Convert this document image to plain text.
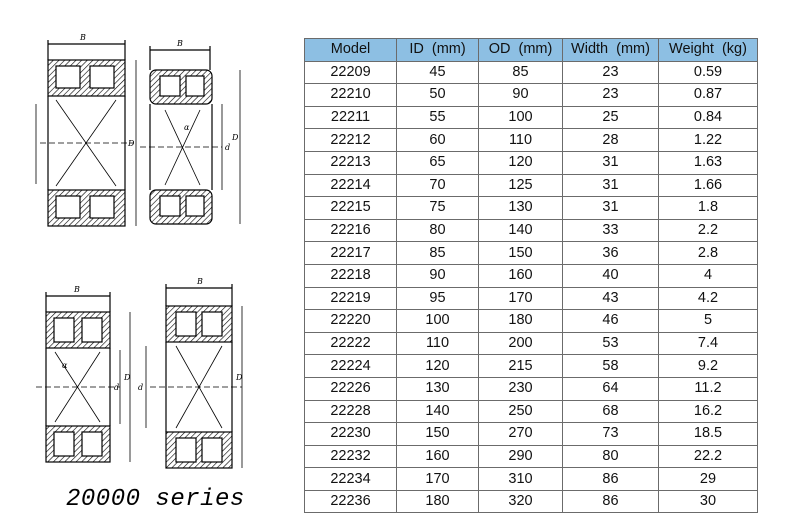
B
D
B
d
D
α
B
d
D
α
B
d
D
20000 series
Model	ID  (mm)	OD  (mm)	Width  (mm)	Weight  (kg)
22209	45	85	23	0.59
22210	50	90	23	0.87
22211	55	100	25	0.84
22212	60	110	28	1.22
22213	65	120	31	1.63
22214	70	125	31	1.66
22215	75	130	31	1.8
22216	80	140	33	2.2
22217	85	150	36	2.8
22218	90	160	40	4
22219	95	170	43	4.2
22220	100	180	46	5
22222	110	200	53	7.4
22224	120	215	58	9.2
22226	130	230	64	11.2
22228	140	250	68	16.2
22230	150	270	73	18.5
22232	160	290	80	22.2
22234	170	310	86	29
22236	180	320	86	30
